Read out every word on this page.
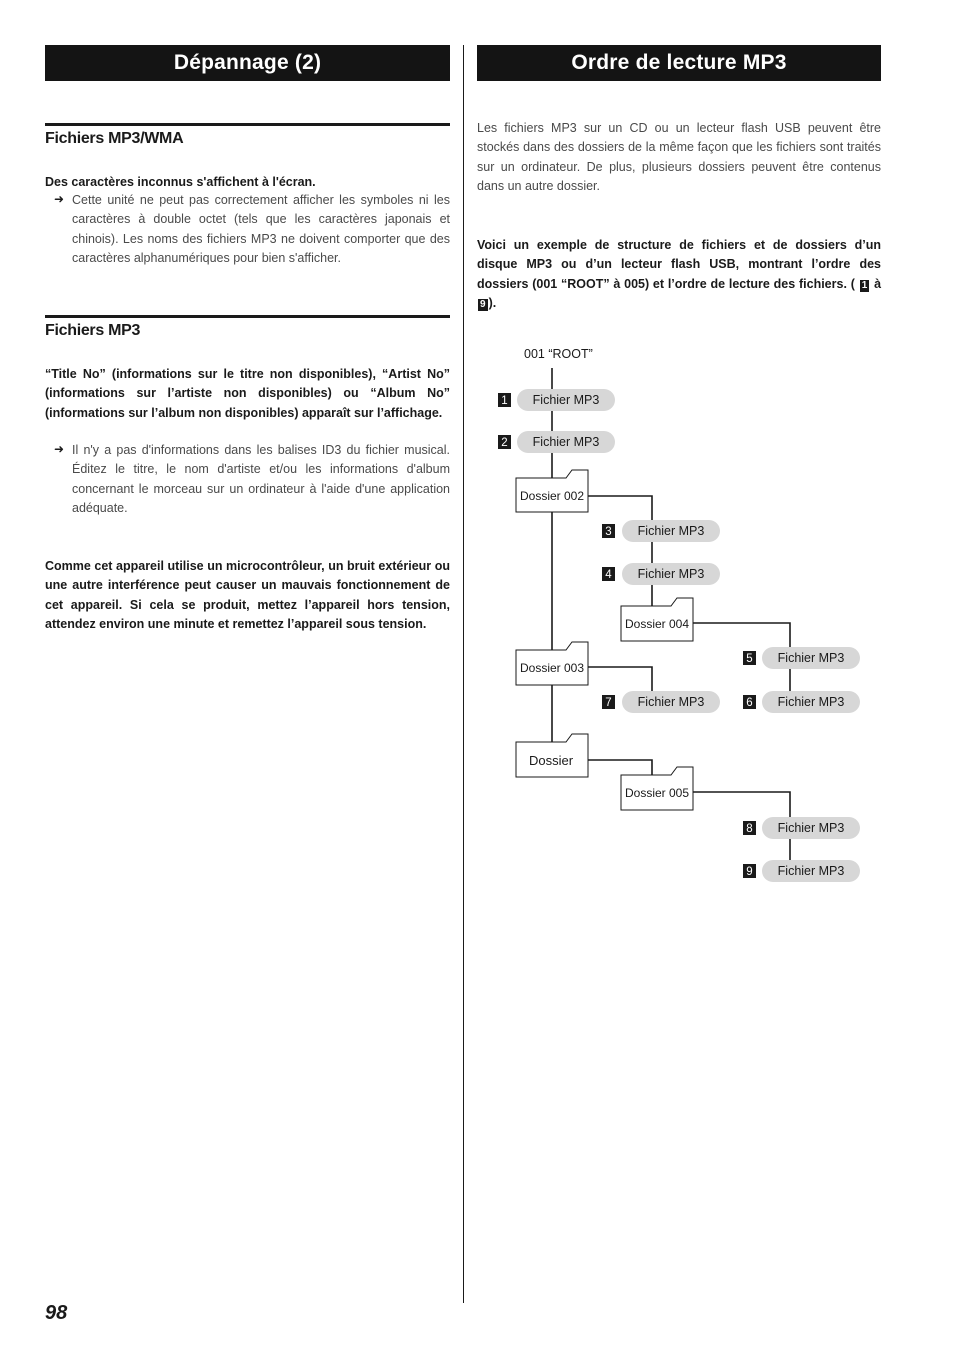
Dépannage (2)	Ordre de lecture MP3
Fichiers MP3/WMA

Des caractères inconnus s'affichent à l'écran.

➜ Cette unité ne peut pas correctement afficher les symboles ni les caractères à double octet (tels que les caractères japonais et chinois). Les noms des fichiers MP3 ne doivent comporter que des caractères alphanumériques pour bien s'afficher.

Fichiers MP3

“Title No” (informations sur le titre non disponibles), “Artist No” (informations sur l’artiste non disponibles) ou “Album No” (informations sur l’album non disponibles) apparaît sur l’affichage.

➜ Il n'y a pas d'informations dans les balises ID3 du fichier musical. Éditez le titre, le nom d'artiste et/ou les informations d'album concernant le morceau sur un ordinateur à l'aide d'une application adéquate.

Comme cet appareil utilise un microcontrôleur, un bruit extérieur ou une autre interférence peut causer un mauvais fonctionnement de cet appareil. Si cela se produit, mettez l’appareil hors tension, attendez environ une minute et remettez l’appareil sous tension.

Les fichiers MP3 sur un CD ou un lecteur flash USB peuvent être stockés dans des dossiers de la même façon que les fichiers sont traités sur un ordinateur. De plus, plusieurs dossiers peuvent être contenus dans un autre dossier.

Voici un exemple de structure de fichiers et de dossiers d’un disque MP3 ou d’un lecteur flash USB, montrant l’ordre des dossiers (001 “ROOT” à 005) et l’ordre de lecture des fichiers. ( 1 à 9 ).

001 “ROOT”
Fichier MP3
Fichier MP3
Fichier MP3
Fichier MP3
Fichier MP3
Fichier MP3
Fichier MP3
Fichier MP3
Fichier MP3
1
2
3
4
5
6
7
8
9
Dossier 002
Dossier 004
Dossier 003
Dossier
Dossier 005
98
